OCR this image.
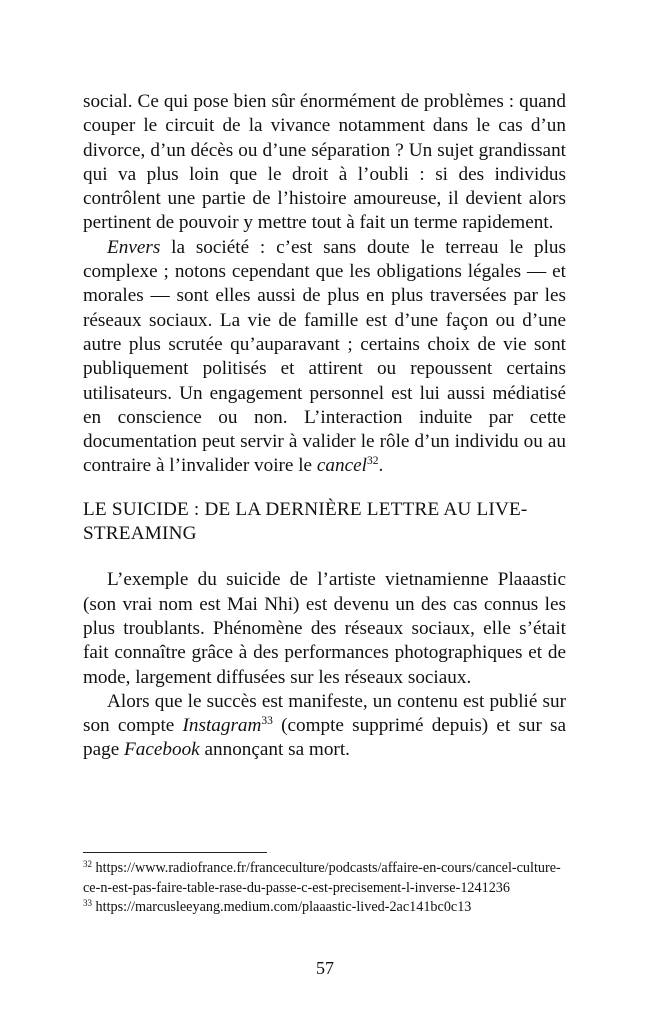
social. Ce qui pose bien sûr énormément de problèmes : quand couper le circuit de la vivance notamment dans le cas d’un divorce, d’un décès ou d’une séparation ? Un sujet grandissant qui va plus loin que le droit à l’oubli : si des individus contrôlent une partie de l’histoire amoureuse, il devient alors pertinent de pouvoir y mettre tout à fait un terme rapidement.

Envers la société : c’est sans doute le terreau le plus complexe ; notons cependant que les obligations légales — et morales — sont elles aussi de plus en plus traversées par les réseaux sociaux. La vie de famille est d’une façon ou d’une autre plus scrutée qu’auparavant ; certains choix de vie sont publiquement politisés et attirent ou repoussent certains utilisateurs. Un engagement personnel est lui aussi médiatisé en conscience ou non. L’interaction induite par cette documentation peut servir à valider le rôle d’un individu ou au contraire à l’invalider voire le cancel$^{32}$.

LE SUICIDE : DE LA DERNIÈRE LETTRE AU LIVE-STREAMING

L’exemple du suicide de l’artiste vietnamienne Plaaastic (son vrai nom est Mai Nhi) est devenu un des cas connus les plus troublants. Phénomène des réseaux sociaux, elle s’était fait connaître grâce à des performances photographiques et de mode, largement diffusées sur les réseaux sociaux.

Alors que le succès est manifeste, un contenu est publié sur son compte Instagram$^{33}$ (compte supprimé depuis) et sur sa page Facebook annonçant sa mort.

$^{32}$ https://www.radiofrance.fr/franceculture/podcasts/affaire-en-cours/cancel-culture-ce-n-est-pas-faire-table-rase-du-passe-c-est-precisement-l-inverse-1241236

$^{33}$ https://marcusleeyang.medium.com/plaaastic-lived-2ac141bc0c13

57
